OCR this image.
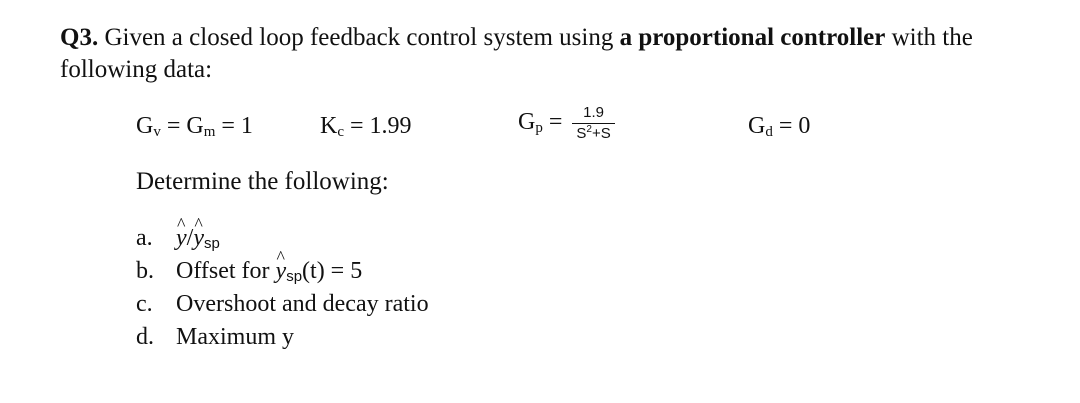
Q3. Given a closed loop feedback control system using a proportional controller with the following data:
$G_v = G_m = 1$	$K_c = 1.99$	$G_p = \frac{1.9}{S^2+S}$	$G_d = 0$
Determine the following:
a.^ y/^ ysp
b. Offset for ^ ysp(t) = 5
c. Overshoot and decay ratio
d. Maximum y
